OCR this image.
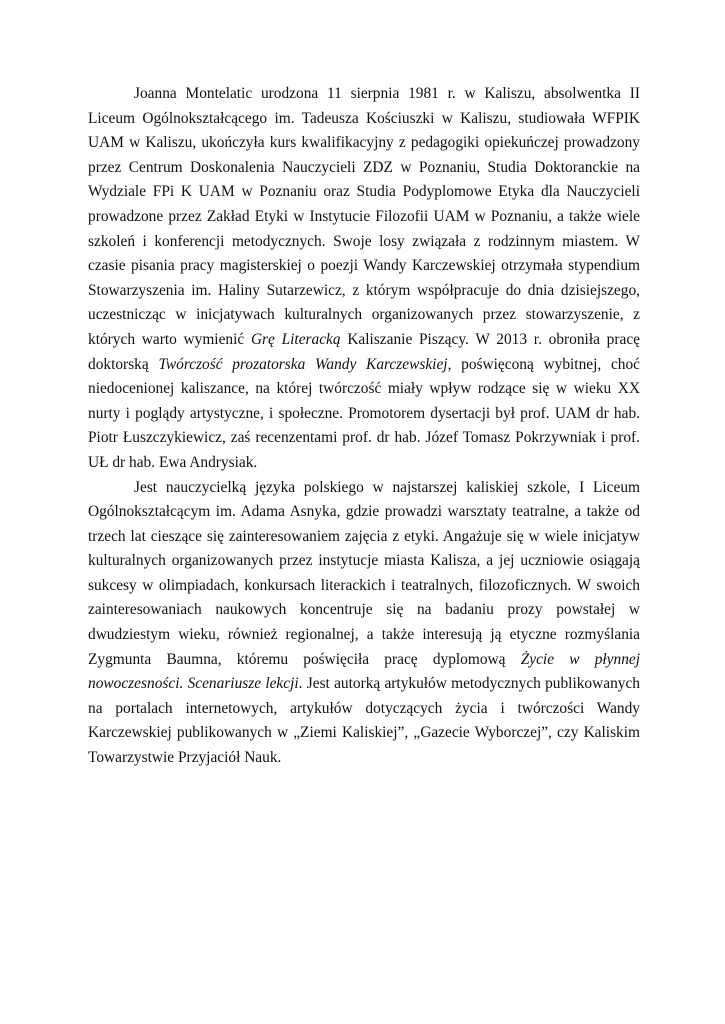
Joanna Montelatic urodzona 11 sierpnia 1981 r. w Kaliszu, absolwentka II Liceum Ogólnokształcącego im. Tadeusza Kościuszki w Kaliszu, studiowała WFPIK UAM w Kaliszu, ukończyła kurs kwalifikacyjny z pedagogiki opiekuńczej prowadzony przez Centrum Doskonalenia Nauczycieli ZDZ w Poznaniu, Studia Doktoranckie na Wydziale FPi K UAM w Poznaniu oraz Studia Podyplomowe Etyka dla Nauczycieli prowadzone przez Zakład Etyki w Instytucie Filozofii UAM w Poznaniu, a także wiele szkoleń i konferencji metodycznych. Swoje losy związała z rodzinnym miastem. W czasie pisania pracy magisterskiej o poezji Wandy Karczewskiej otrzymała stypendium Stowarzyszenia im. Haliny Sutarzewicz, z którym współpracuje do dnia dzisiejszego, uczestnicząc w inicjatywach kulturalnych organizowanych przez stowarzyszenie, z których warto wymienić Grę Literacką Kaliszanie Piszący. W 2013 r. obroniła pracę doktorską Twórczość prozatorska Wandy Karczewskiej, poświęconą wybitnej, choć niedocenionej kaliszance, na której twórczość miały wpływ rodzące się w wieku XX nurty i poglądy artystyczne, i społeczne. Promotorem dysertacji był prof. UAM dr hab. Piotr Łuszczykiewicz, zaś recenzentami prof. dr hab. Józef Tomasz Pokrzywniak i prof. UŁ dr hab. Ewa Andrysiak.

Jest nauczycielką języka polskiego w najstarszej kaliskiej szkole, I Liceum Ogólnokształcącym im. Adama Asnyka, gdzie prowadzi warsztaty teatralne, a także od trzech lat cieszące się zainteresowaniem zajęcia z etyki. Angażuje się w wiele inicjatyw kulturalnych organizowanych przez instytucje miasta Kalisza, a jej uczniowie osiągają sukcesy w olimpiadach, konkursach literackich i teatralnych, filozoficznych. W swoich zainteresowaniach naukowych koncentruje się na badaniu prozy powstałej w dwudziestym wieku, również regionalnej, a także interesują ją etyczne rozmyślania Zygmunta Baumna, któremu poświęciła pracę dyplomową Życie w płynnej nowoczesności. Scenariusze lekcji. Jest autorką artykułów metodycznych publikowanych na portalach internetowych, artykułów dotyczących życia i twórczości Wandy Karczewskiej publikowanych w „Ziemi Kaliskiej”, „Gazecie Wyborczej”, czy Kaliskim Towarzystwie Przyjaciół Nauk.
